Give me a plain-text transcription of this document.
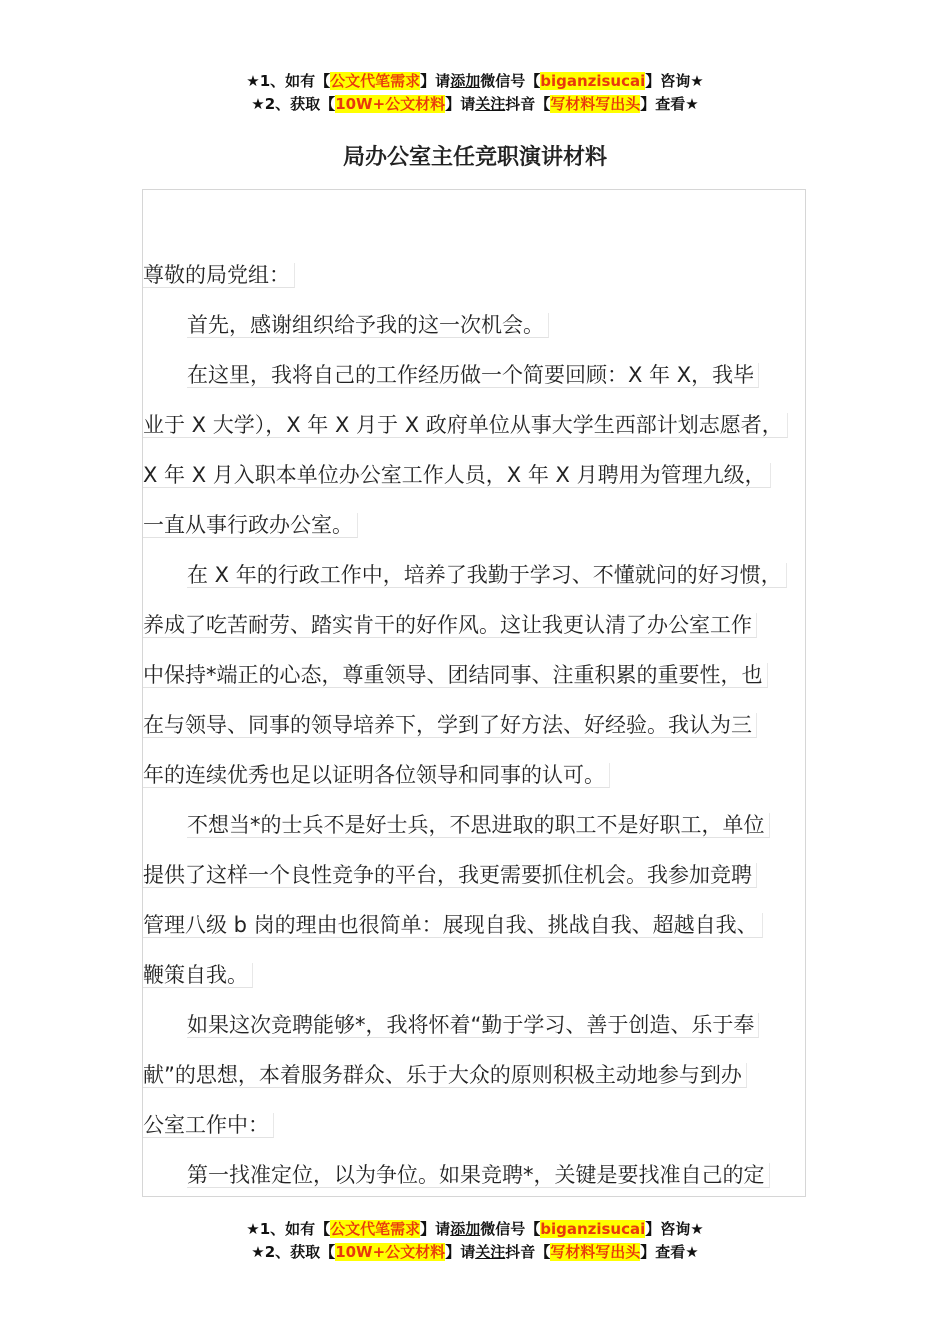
★1、如有【公文代笔需求】请添加微信号【biganzisucai】咨询★
★2、获取【10W+公文材料】请关注抖音【写材料写出头】查看★
局办公室主任竞职演讲材料
尊敬的局党组：
首先，感谢组织给予我的这一次机会。
在这里，我将自己的工作经历做一个简要回顾：X 年 X，我毕
业于 X 大学），X 年 X 月于 X 政府单位从事大学生西部计划志愿者，
X 年 X 月入职本单位办公室工作人员，X 年 X 月聘用为管理九级，
一直从事行政办公室。
在 X 年的行政工作中，培养了我勤于学习、不懂就问的好习惯，
养成了吃苦耐劳、踏实肯干的好作风。这让我更认清了办公室工作
中保持*端正的心态，尊重领导、团结同事、注重积累的重要性，也
在与领导、同事的领导培养下，学到了好方法、好经验。我认为三
年的连续优秀也足以证明各位领导和同事的认可。
不想当*的士兵不是好士兵，不思进取的职工不是好职工，单位
提供了这样一个良性竞争的平台，我更需要抓住机会。我参加竞聘
管理八级 b 岗的理由也很简单：展现自我、挑战自我、超越自我、
鞭策自我。
如果这次竞聘能够*，我将怀着“勤于学习、善于创造、乐于奉
献”的思想，本着服务群众、乐于大众的原则积极主动地参与到办
公室工作中：
第一找准定位，以为争位。如果竞聘*，关键是要找准自己的定
★1、如有【公文代笔需求】请添加微信号【biganzisucai】咨询★
★2、获取【10W+公文材料】请关注抖音【写材料写出头】查看★
